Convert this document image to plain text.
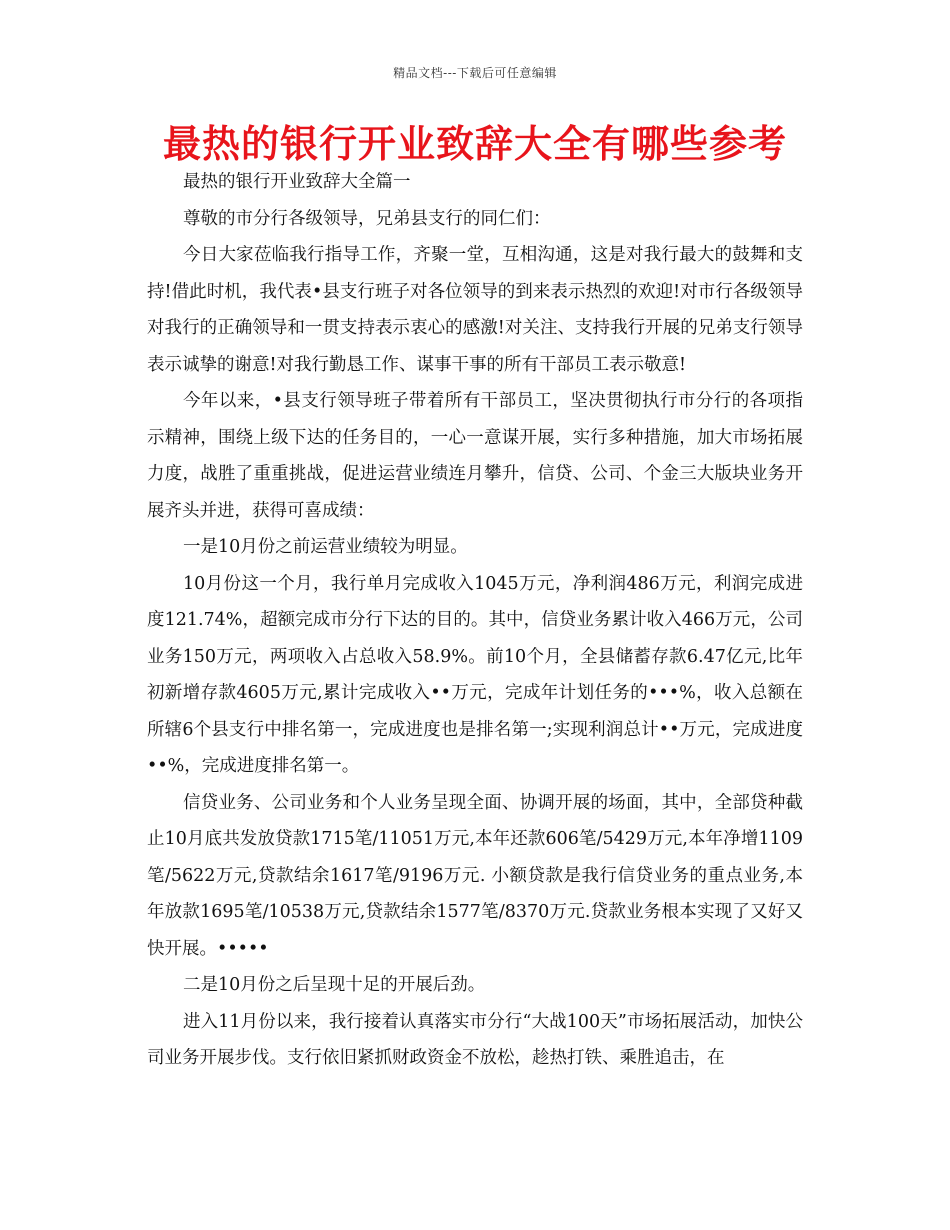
精品文档---下载后可任意编辑
最热的银行开业致辞大全有哪些参考

最热的银行开业致辞大全篇一

尊敬的市分行各级领导，兄弟县支行的同仁们：

今日大家莅临我行指导工作，齐聚一堂，互相沟通，这是对我行最大的鼓舞和支持!借此时机，我代表•县支行班子对各位领导的到来表示热烈的欢迎!对市行各级领导对我行的正确领导和一贯支持表示衷心的感激!对关注、支持我行开展的兄弟支行领导表示诚挚的谢意!对我行勤恳工作、谋事干事的所有干部员工表示敬意!

今年以来，•县支行领导班子带着所有干部员工，坚决贯彻执行市分行的各项指示精神，围绕上级下达的任务目的，一心一意谋开展，实行多种措施，加大市场拓展力度，战胜了重重挑战，促进运营业绩连月攀升，信贷、公司、个金三大版块业务开展齐头并进，获得可喜成绩：

一是10月份之前运营业绩较为明显。

10月份这一个月，我行单月完成收入1045万元，净利润486万元，利润完成进度121.74%，超额完成市分行下达的目的。其中，信贷业务累计收入466万元，公司业务150万元，两项收入占总收入58.9%。前10个月，全县储蓄存款6.47亿元,比年初新增存款4605万元,累计完成收入••万元，完成年计划任务的•••%，收入总额在所辖6个县支行中排名第一，完成进度也是排名第一;实现利润总计••万元，完成进度••%，完成进度排名第一。

信贷业务、公司业务和个人业务呈现全面、协调开展的场面，其中，全部贷种截止10月底共发放贷款1715笔/11051万元,本年还款606笔/5429万元,本年净增1109笔/5622万元,贷款结余1617笔/9196万元. 小额贷款是我行信贷业务的重点业务,本年放款1695笔/10538万元,贷款结余1577笔/8370万元.贷款业务根本实现了又好又快开展。•••••

二是10月份之后呈现十足的开展后劲。

进入11月份以来，我行接着认真落实市分行“大战100天”市场拓展活动，加快公司业务开展步伐。支行依旧紧抓财政资金不放松，趁热打铁、乘胜追击，在
